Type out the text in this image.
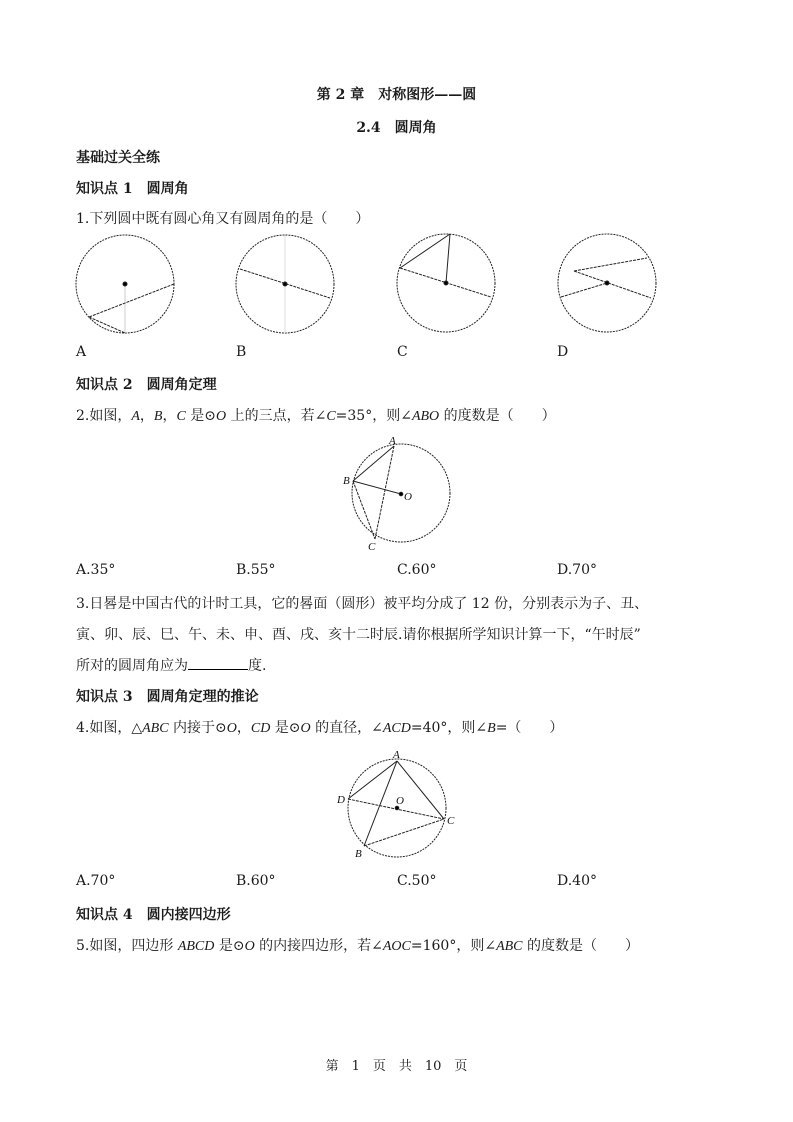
第 2 章　对称图形——圆
2.4　圆周角
基础过关全练
知识点 1　圆周角
1.下列圆中既有圆心角又有圆周角的是（　　）
A	B	C	D
知识点 2　圆周角定理
2.如图，A，B，C 是⊙O 上的三点，若∠C=35°，则∠ABO 的度数是（　　）
A
B
C
O
A.35°	B.55°	C.60°	D.70°
3.日晷是中国古代的计时工具，它的晷面（圆形）被平均分成了 12 份，分别表示为子、丑、
寅、卯、辰、巳、午、未、申、酉、戌、亥十二时辰.请你根据所学知识计算一下，“午时辰”
所对的圆周角应为	度.
知识点 3　圆周角定理的推论
4.如图，△ABC 内接于⊙O，CD 是⊙O 的直径，∠ACD=40°，则∠B=（　　）
A
D	O
C
B
A.70°	B.60°	C.50°	D.40°
知识点 4　圆内接四边形
5.如图，四边形 ABCD 是⊙O 的内接四边形，若∠AOC=160°，则∠ABC 的度数是（　　）
第　1　页　共　10　页
